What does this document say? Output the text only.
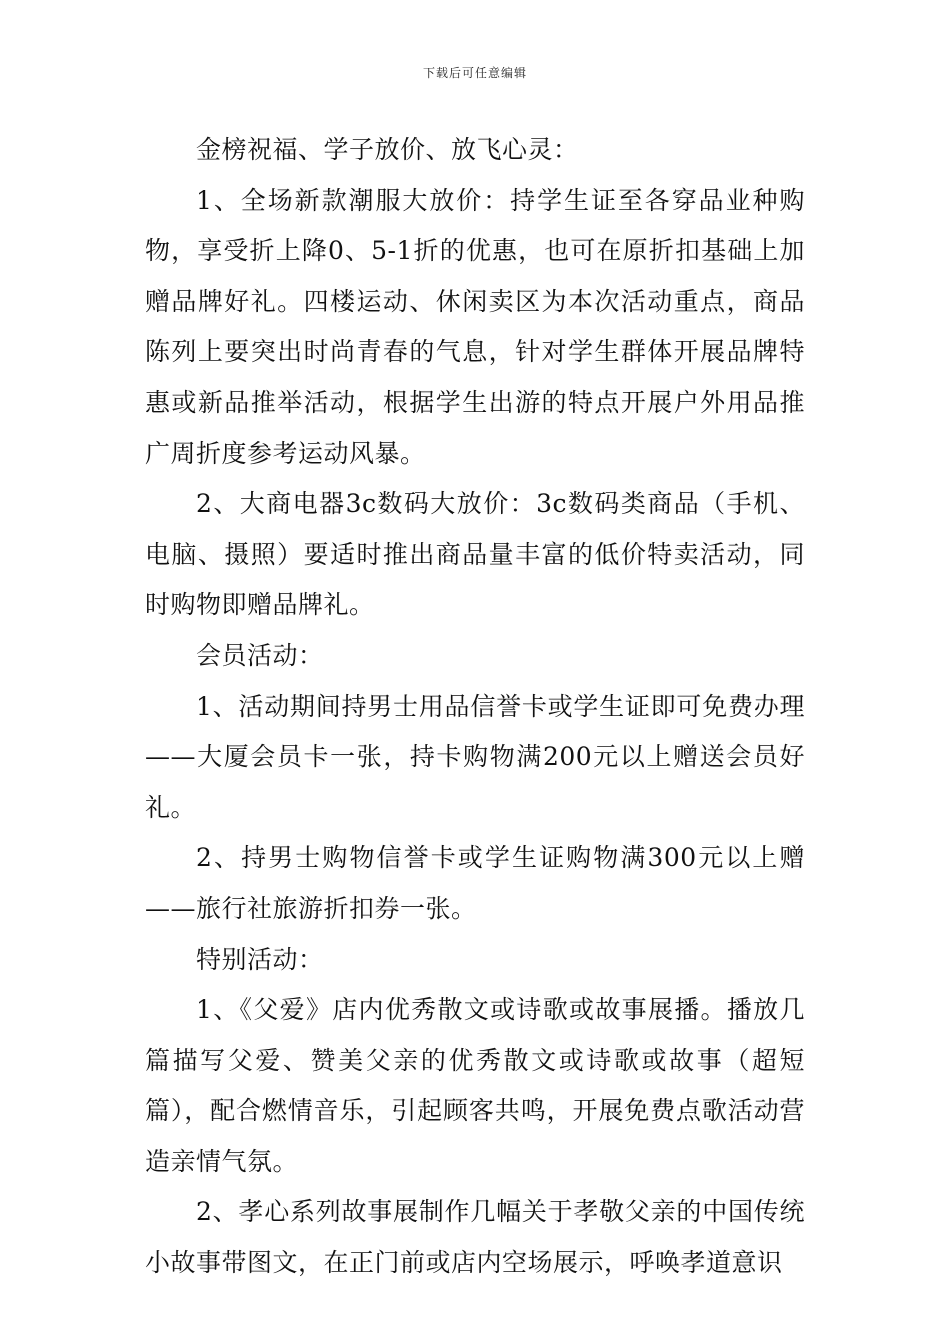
下载后可任意编辑

金榜祝福、学子放价、放飞心灵：

1、全场新款潮服大放价：持学生证至各穿品业种购物，享受折上降0、5-1折的优惠，也可在原折扣基础上加赠品牌好礼。四楼运动、休闲卖区为本次活动重点，商品陈列上要突出时尚青春的气息，针对学生群体开展品牌特惠或新品推举活动，根据学生出游的特点开展户外用品推广周折度参考运动风暴。

2、大商电器3c数码大放价：3c数码类商品（手机、电脑、摄照）要适时推出商品量丰富的低价特卖活动，同时购物即赠品牌礼。

会员活动：

1、活动期间持男士用品信誉卡或学生证即可免费办理——大厦会员卡一张，持卡购物满200元以上赠送会员好礼。

2、持男士购物信誉卡或学生证购物满300元以上赠——旅行社旅游折扣券一张。

特别活动：

1、《父爱》店内优秀散文或诗歌或故事展播。播放几篇描写父爱、赞美父亲的优秀散文或诗歌或故事（超短篇），配合燃情音乐，引起顾客共鸣，开展免费点歌活动营造亲情气氛。

2、孝心系列故事展制作几幅关于孝敬父亲的中国传统小故事带图文，在正门前或店内空场展示，呼唤孝道意识
